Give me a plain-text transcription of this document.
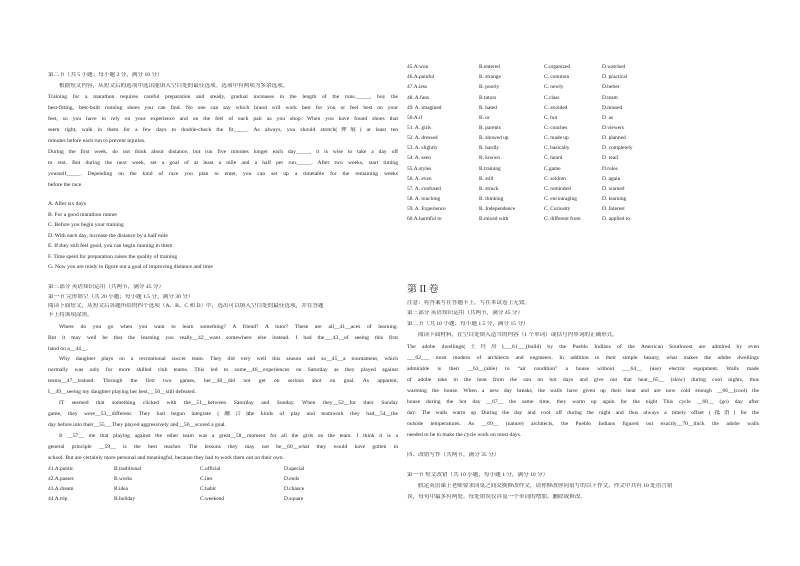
第二节（共 5 小题；每小题 2 分，满分 10 分）
根据短文内容，从短文后的选项中选出能填入空白处的最佳选项。选项中有两项为多余选项。
Training for a marathon requires careful preparation and steady, gradual increases in the length of the runs._____, buy the
best-fitting, best-built running shoes you can find. No one can say which brand will work best for you or feel best on your
feet, so you have to rely on your experience and on the feel of each pair as you shop. When you have found shoes that
seem right, walk in them for a few days to double-check the fit_____. As always, you should stretch(伸展) at least ten
minutes before each run to prevent injuries.
During the first week, do not think about distance, but run five minutes longer each day_____, it is wise to take a day off
to rest. But during the next week, set a goal of at least a mile and a half per run._____. After two weeks, start timing
yourself_____. Depending on the kind of race you plan to enter, you can set up a timetable for the remaining weeks
before the race.
A. After six days
B. For a good marathon runner
C. Before you begin your training
D. With each day, increase the distance by a half mile
E. If they still feel good, you can begin running in them
F. Time spent for preparation raises the quality of training
G. Now you are ready to figure out a goal of improving distance and time
第三部分 英语知识运用（共两节，满分 45 分）
第一节 完形填空（共 20 小题；每小题 1.5 分，满分 30 分）
阅读下面短文，从短文后各题所给的四个选项（A、B、C 和 D）中，选出可以填入空白处的最佳选项，并在答题
卡上将该项涂黑。
Where do you go when you want to learn something? A friend? A tutor? These are all__41__aces of learning.
But it may well be that the learning you really__42__want somewhere else instead. I had the___43__of seeing this first
hand on a__44__.
Why daughter plays on a recreational soccer team. They did very well this season and so__45__a tournament, which
normally was only for more skilled club teams. This led to some__46__experiences on Saturday as they played against
teams__47__trained. Through the first two games, her__48__did not get on serious shot on goal. As apparent,
I__49__seeing my daughter playing her best,__50__still defeated.
IT seemed that something clicked with the__51__between Saturday and Sunday. When they__52__for their Sunday
game, they were__53__different. They had begun integrate (融合)the kinds of play and teamwork they had__54__the
day before into their__55__.They played aggressively and__56__scored a goal.
It __57__ me that playing against the other team was a great__58__moment for all the girls on the team. I think it is a
general principle __59__ is the best teacher. The lessons they may not be__60__what they would have gotten in
school. But are certainly more personal and meaningful, because they had to work them out on their own.
41.A.public	B.traditional	C.official	D.special
42.A.passes	B.works	C.lies	D.ends
43.A.dream	B.idea	C.habit	D.chance
44.A.trip	B.holiday	C.weekend	D.square
45.A.won	B.entered	C.organized	D.watched
46.A.painful	B. strange	C. common	D. practical
47.A.less	B. poorly	C. newly	D.better
48. A.fans	B.tutors	C.class	D.team
49. A. imagined	B. hated	C. avoided	D.missed
50.A.if	B. or	C. but	D. as
51. A. girls	B. parents	C. coaches	D.viewers
52. A. dressed	B. showed up	C. made up	D. planned
53. A. slightly	B. hardly	C. basically	D. completely
54. A. seen	B. known	C. heard	D. read
55.A.styles	B.training	C.game	D.rules
56. A. even	B. still	C. seldom	D. again
57. A. confused	B. struck	C. reminded	D. warned
58. A. touching	B. thinking	C. encouraging	D. learning
59. A. Experience	B. Independence	C. Curiosity	D. Interest
60.A.harmful to	B.mixed with	C. different from	D. applied to
第 II 卷
注意：将答案写在答题卡上，写在本试卷上无效。
第三部分 英语知识运用（共两节，满分 45 分）
第二节（共 10 小题；每小题 1.5 分，满分 15 分）
阅读下面材料，在空白处填入适当的内容（1 个单词）或括号内单词的正确形式。
The adobe dwellings(土坯房)___61___(build) by the Pueblo Indians of the American Southwest are admired by even
___62___ most modern of architects and engineers. In addition to their simple beauty, what makes the adobe dwellings
admirable is their __63__(able) to “air condition” a house without ___64__ (use) electric equipment. Walls made
of adobe take in the heat from the sun on hot days and give out that heat__65__ (slow) during cool nights, thus
warming the house. When a new day breaks, the walls have given up their heat and are now cold enough __66__(cool) the
house during the hot day __67__ the same time, they warm up again for the night This cycle __68__ (go) day after
day: The walls warm up During the day and cool off during the night and thus always a timely offset (抵消) for the
outside temperatures. As __69__ (nature) architects, the Pueblo Indians figured out exactly__70__thick the adobe walls
needed to be to make the cycle work on most days.
四、改错写作（共两节，满分 35 分）
第一节 短文改错（共 10 小题，每小题 1 分，满分 10 分）
假定英语课上老师要求同桌之间交换修改作文，请你修改你同桌写的以下作文。作文中共有 10 处语言错
误，每句中最多有两处。每处错误仅涉及一个单词的增加、删除或修改。
